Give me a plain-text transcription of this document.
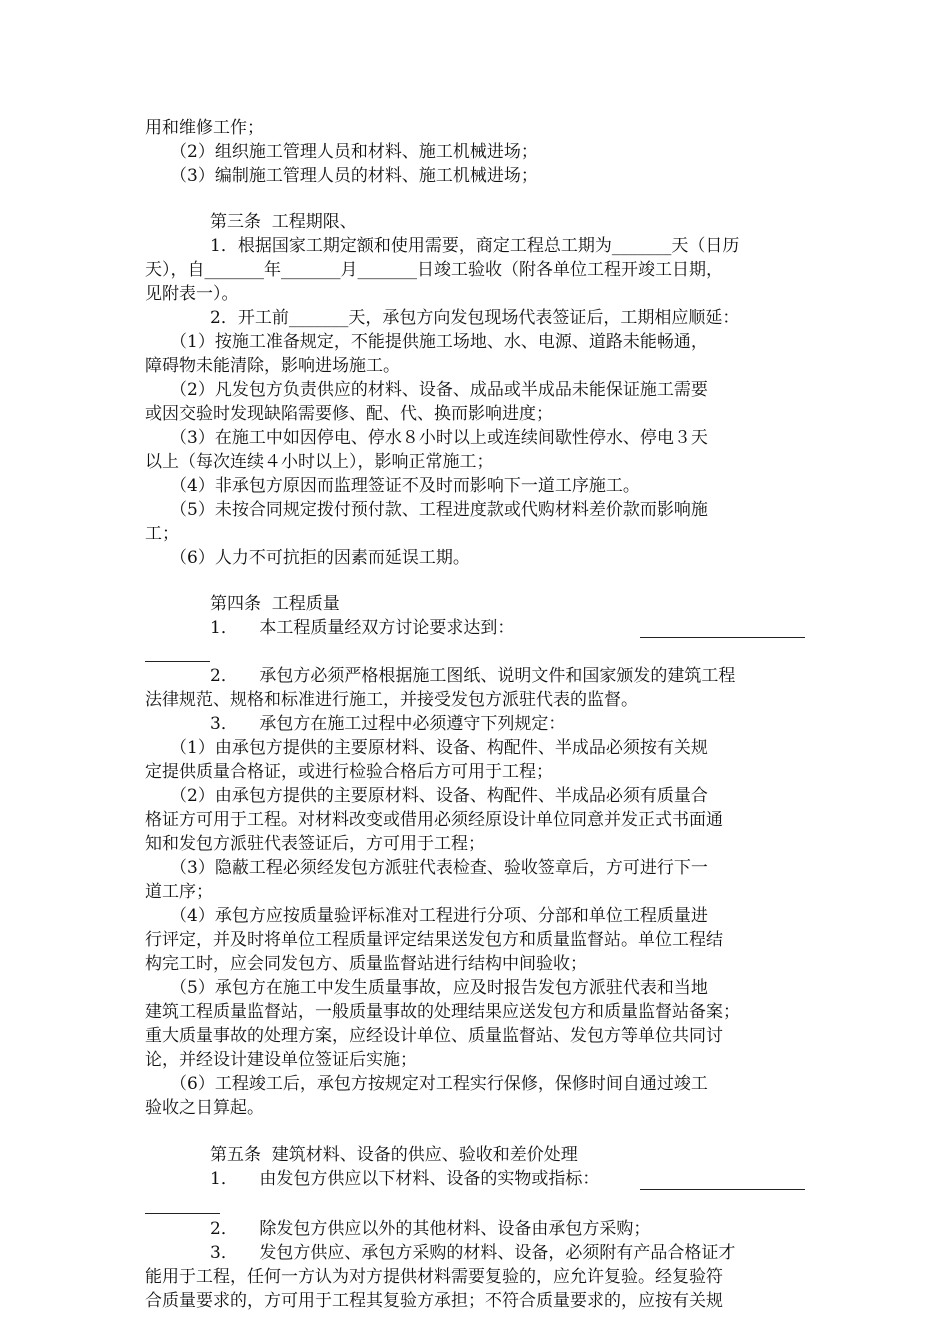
用和维修工作；
（2）组织施工管理人员和材料、施工机械进场；
（3）编制施工管理人员的材料、施工机械进场；
第三条  工程期限、
1．根据国家工期定额和使用需要，商定工程总工期为_______天（日历
天），自_______年_______月_______日竣工验收（附各单位工程开竣工日期，
见附表一）。
2．开工前_______天，承包方向发包现场代表签证后，工期相应顺延：
（1）按施工准备规定，不能提供施工场地、水、电源、道路未能畅通，
障碍物未能清除，影响进场施工。
（2）凡发包方负责供应的材料、设备、成品或半成品未能保证施工需要
或因交验时发现缺陷需要修、配、代、换而影响进度；
（3）在施工中如因停电、停水８小时以上或连续间歇性停水、停电３天
以上（每次连续４小时以上），影响正常施工；
（4）非承包方原因而监理签证不及时而影响下一道工序施工。
（5）未按合同规定拨付预付款、工程进度款或代购材料差价款而影响施
工；
（6）人力不可抗拒的因素而延误工期。
第四条  工程质量
1．    本工程质量经双方讨论要求达到：
2．    承包方必须严格根据施工图纸、说明文件和国家颁发的建筑工程
法律规范、规格和标准进行施工，并接受发包方派驻代表的监督。
3．    承包方在施工过程中必须遵守下列规定：
（1）由承包方提供的主要原材料、设备、构配件、半成品必须按有关规
定提供质量合格证，或进行检验合格后方可用于工程；
（2）由承包方提供的主要原材料、设备、构配件、半成品必须有质量合
格证方可用于工程。对材料改变或借用必须经原设计单位同意并发正式书面通
知和发包方派驻代表签证后，方可用于工程；
（3）隐蔽工程必须经发包方派驻代表检查、验收签章后，方可进行下一
道工序；
（4）承包方应按质量验评标准对工程进行分项、分部和单位工程质量进
行评定，并及时将单位工程质量评定结果送发包方和质量监督站。单位工程结
构完工时，应会同发包方、质量监督站进行结构中间验收；
（5）承包方在施工中发生质量事故，应及时报告发包方派驻代表和当地
建筑工程质量监督站，一般质量事故的处理结果应送发包方和质量监督站备案；
重大质量事故的处理方案，应经设计单位、质量监督站、发包方等单位共同讨
论，并经设计建设单位签证后实施；
（6）工程竣工后，承包方按规定对工程实行保修，保修时间自通过竣工
验收之日算起。
第五条  建筑材料、设备的供应、验收和差价处理
1．    由发包方供应以下材料、设备的实物或指标：
2．    除发包方供应以外的其他材料、设备由承包方采购；
3．    发包方供应、承包方采购的材料、设备，必须附有产品合格证才
能用于工程，任何一方认为对方提供材料需要复验的，应允许复验。经复验符
合质量要求的，方可用于工程其复验方承担；不符合质量要求的，应按有关规
